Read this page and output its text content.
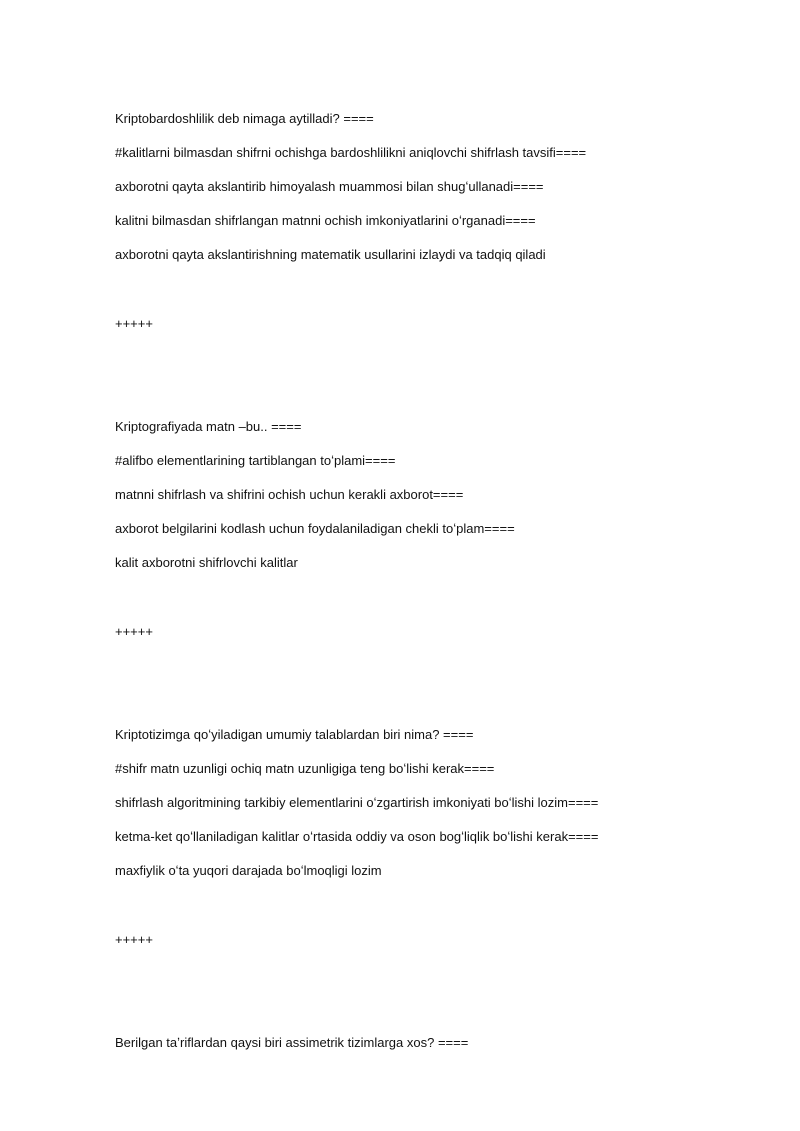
Kriptobardoshlilik deb nimaga aytilladi? ====
#kalitlarni bilmasdan shifrni ochishga bardoshlilikni aniqlovchi shifrlash tavsifi====
axborotni qayta akslantirib himoyalash muammosi bilan shugʻullanadi====
kalitni bilmasdan shifrlangan matnni ochish imkoniyatlarini oʻrganadi====
axborotni qayta akslantirishning matematik usullarini izlaydi va tadqiq qiladi
+++++
Kriptografiyada matn –bu.. ====
#alifbo elementlarining tartiblangan toʻplami====
matnni shifrlash va shifrini ochish uchun kerakli axborot====
axborot belgilarini kodlash uchun foydalaniladigan chekli toʻplam====
kalit axborotni shifrlovchi kalitlar
+++++
Kriptotizimga qoʻyiladigan umumiy talablardan biri nima? ====
#shifr matn uzunligi ochiq matn uzunligiga teng boʻlishi kerak====
shifrlash algoritmining tarkibiy elementlarini oʻzgartirish imkoniyati boʻlishi lozim====
ketma-ket qoʻllaniladigan kalitlar oʻrtasida oddiy va oson bogʻliqlik boʻlishi kerak====
maxfiylik oʻta yuqori darajada boʻlmoqligi lozim
+++++
Berilgan taʼriflardan qaysi biri assimetrik tizimlarga xos? ====
